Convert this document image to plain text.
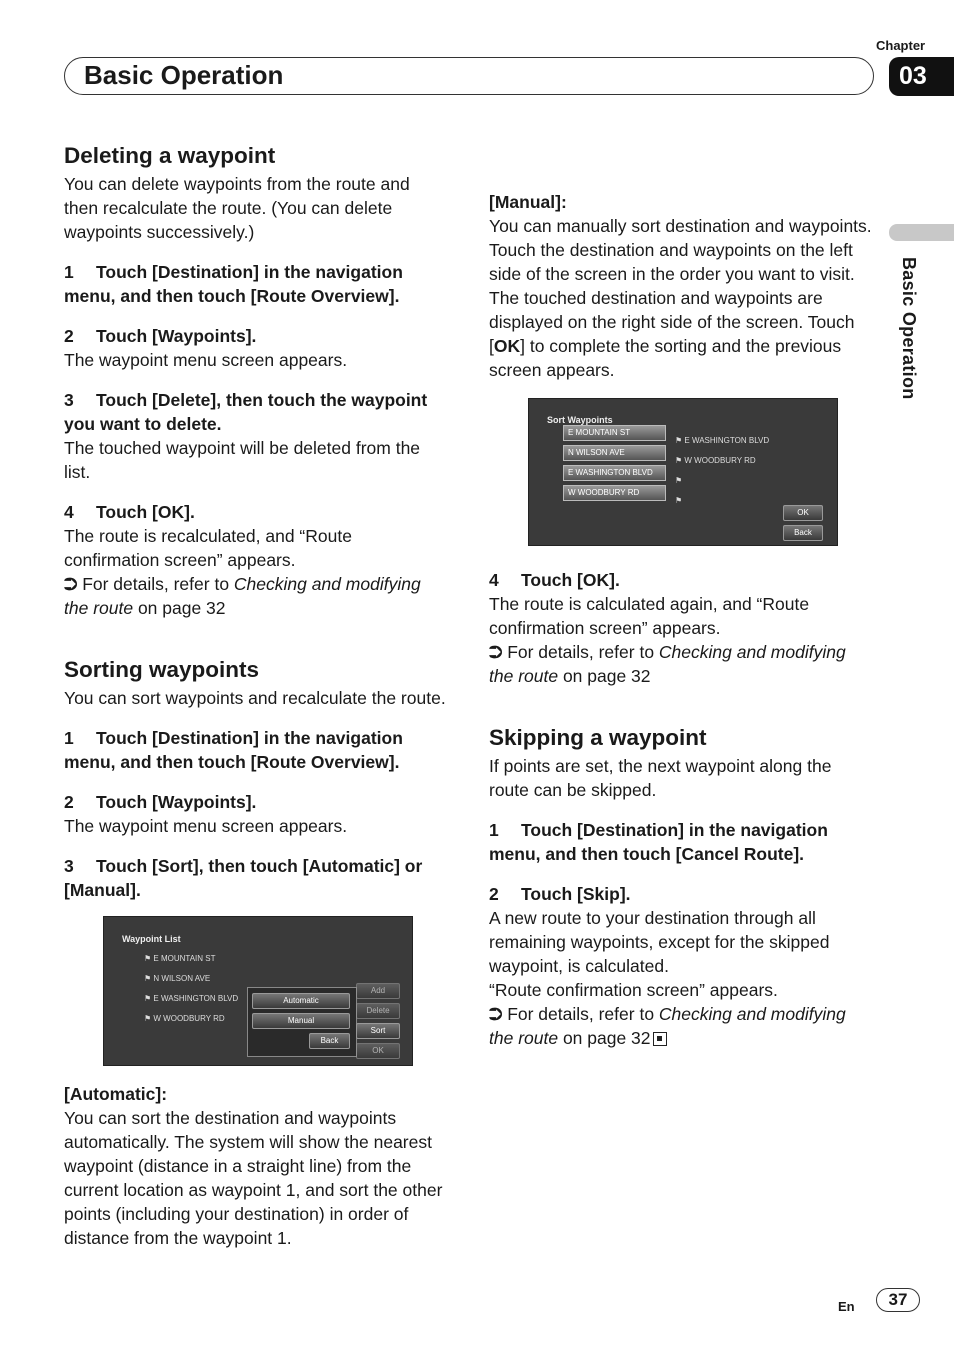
Chapter
Basic Operation	03
Basic Operation
Deleting a waypoint

You can delete waypoints from the route and then recalculate the route. (You can delete waypoints successively.)

1 Touch [Destination] in the navigation menu, and then touch [Route Overview].

2 Touch [Waypoints].

The waypoint menu screen appears.

3 Touch [Delete], then touch the waypoint you want to delete.

The touched waypoint will be deleted from the list.

4 Touch [OK].

The route is recalculated, and “Route confirmation screen” appears.

⮊ For details, refer to Checking and modifying the route on page 32

Sorting waypoints

You can sort waypoints and recalculate the route.

1 Touch [Destination] in the navigation menu, and then touch [Route Overview].

2 Touch [Waypoints].

The waypoint menu screen appears.

3 Touch [Sort], then touch [Automatic] or [Manual].

Waypoint List
⚑ E MOUNTAIN ST
⚑ N WILSON AVE
⚑ E WASHINGTON BLVD
⚑ W WOODBURY RD
Automatic
Manual
Back
Add
Delete
Sort
OK

[Automatic]:

You can sort the destination and waypoints automatically. The system will show the nearest waypoint (distance in a straight line) from the current location as waypoint 1, and sort the other points (including your destination) in order of distance from the waypoint 1.

[Manual]:

You can manually sort destination and waypoints. Touch the destination and waypoints on the left side of the screen in the order you want to visit. The touched destination and waypoints are displayed on the right side of the screen. Touch [OK] to complete the sorting and the previous screen appears.

Sort Waypoints
E MOUNTAIN ST
N WILSON AVE
E WASHINGTON BLVD
W WOODBURY RD
⚑ E WASHINGTON BLVD
⚑ W WOODBURY RD
⚑
⚑
OK
Back

4 Touch [OK].

The route is calculated again, and “Route confirmation screen” appears.

⮊ For details, refer to Checking and modifying the route on page 32

Skipping a waypoint

If points are set, the next waypoint along the route can be skipped.

1 Touch [Destination] in the navigation menu, and then touch [Cancel Route].

2 Touch [Skip].

A new route to your destination through all remaining waypoints, except for the skipped waypoint, is calculated.

“Route confirmation screen” appears.

⮊ For details, refer to Checking and modifying the route on page 32

En	37
